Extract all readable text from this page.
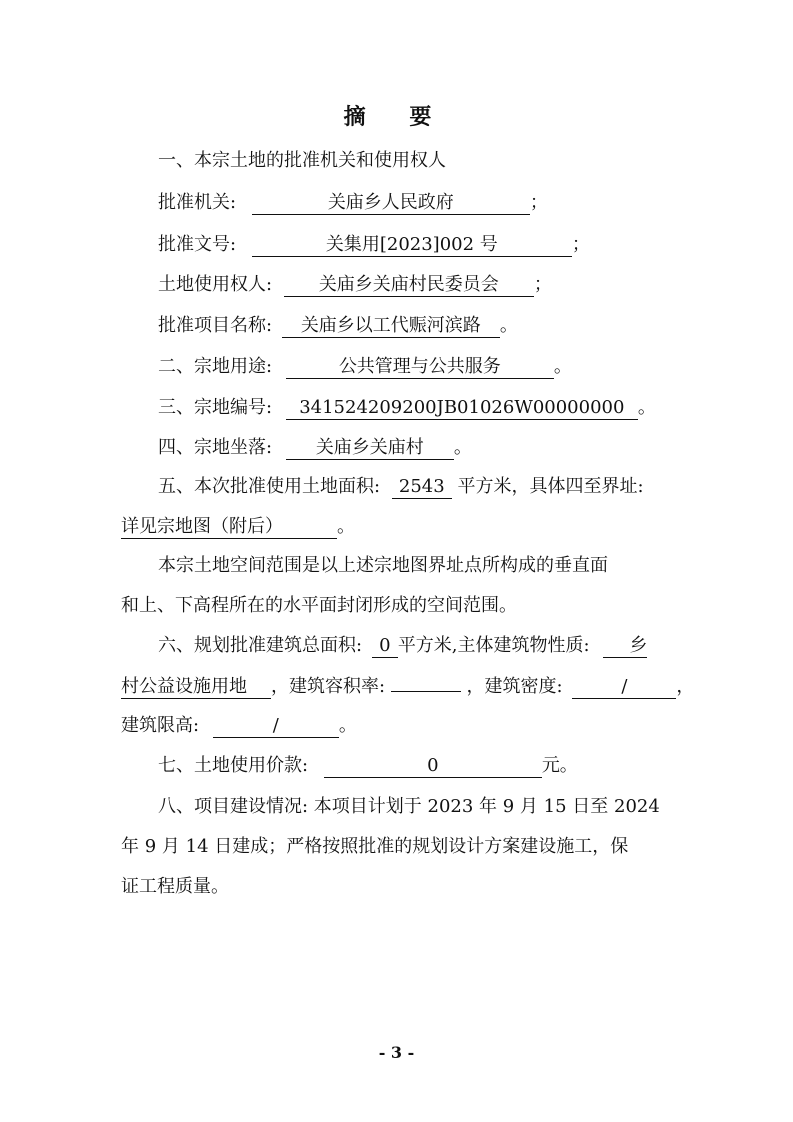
摘 要
一、本宗土地的批准机关和使用权人
批准机关:	关庙乡人民政府	；
批准文号:	关集用[2023]002 号	；
土地使用权人:	关庙乡关庙村民委员会 ；
批准项目名称: 关庙乡以工代赈河滨路 。
二、宗地用途:	公共管理与公共服务	。
三、宗地编号: 341524209200JB01026W00000000 。
四、宗地坐落: 关庙乡关庙村 。
五、本次批准使用土地面积: 2543 平方米，具体四至界址:
详见宗地图（附后）	。
本宗土地空间范围是以上述宗地图界址点所构成的垂直面
和上、下高程所在的水平面封闭形成的空间范围。
六、规划批准建筑总面积: 0 平方米,主体建筑物性质: 乡
村公益设施用地 ，建筑容积率:	，建筑密度:	/	，
建筑限高:	/	。
七、土地使用价款:	0	元。
八、项目建设情况: 本项目计划于 2023 年 9 月 15 日至 2024
年 9 月 14 日建成；严格按照批准的规划设计方案建设施工，保
证工程质量。
- 3 -
